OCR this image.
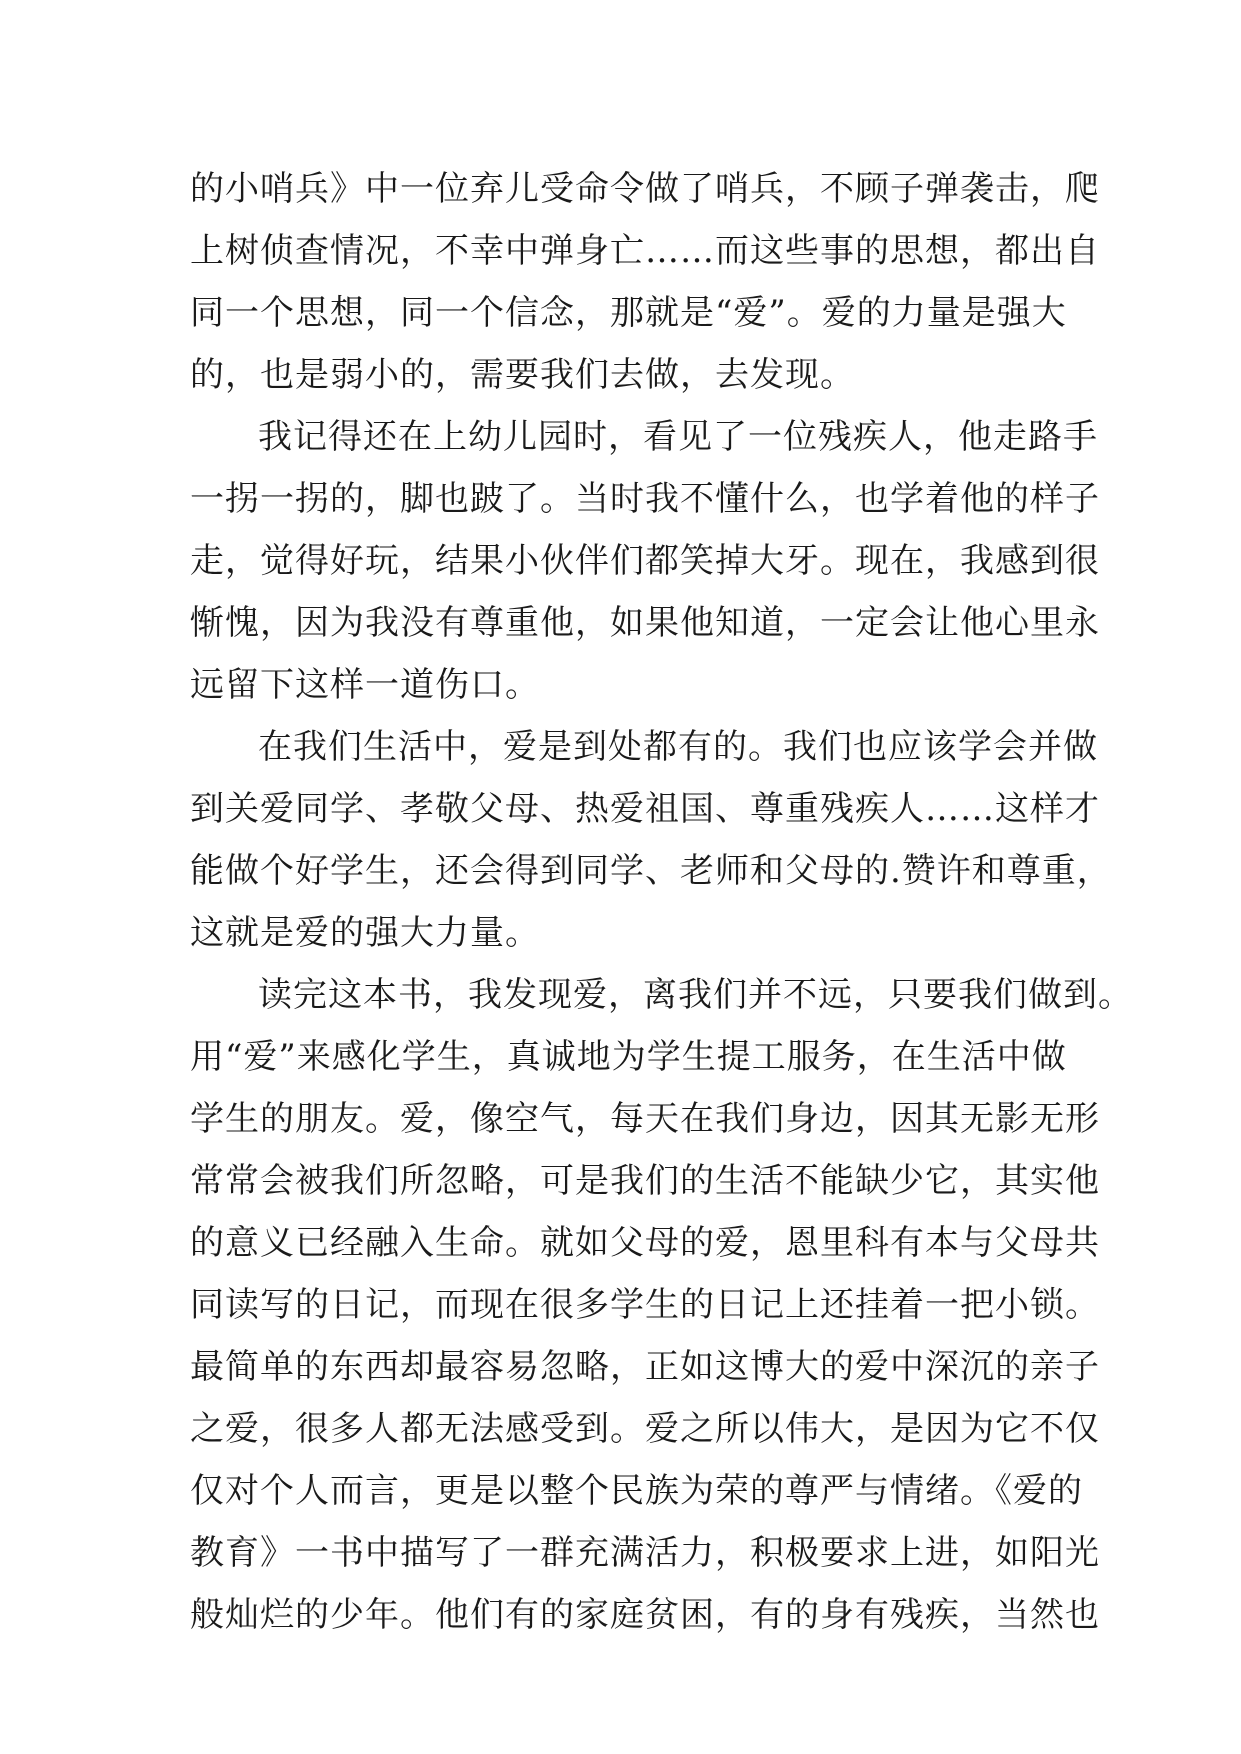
的小哨兵》中一位弃儿受命令做了哨兵，不顾子弹袭击，爬
上树侦查情况，不幸中弹身亡……而这些事的思想，都出自
同一个思想，同一个信念，那就是“爱”。爱的力量是强大
的，也是弱小的，需要我们去做，去发现。
我记得还在上幼儿园时，看见了一位残疾人，他走路手
一拐一拐的，脚也跛了。当时我不懂什么，也学着他的样子
走，觉得好玩，结果小伙伴们都笑掉大牙。现在，我感到很
惭愧，因为我没有尊重他，如果他知道，一定会让他心里永
远留下这样一道伤口。
在我们生活中，爱是到处都有的。我们也应该学会并做
到关爱同学、孝敬父母、热爱祖国、尊重残疾人……这样才
能做个好学生，还会得到同学、老师和父母的.赞许和尊重，
这就是爱的强大力量。
读完这本书，我发现爱，离我们并不远，只要我们做到。
用“爱”来感化学生，真诚地为学生提工服务，在生活中做
学生的朋友。爱，像空气，每天在我们身边，因其无影无形
常常会被我们所忽略，可是我们的生活不能缺少它，其实他
的意义已经融入生命。就如父母的爱，恩里科有本与父母共
同读写的日记，而现在很多学生的日记上还挂着一把小锁。
最简单的东西却最容易忽略，正如这博大的爱中深沉的亲子
之爱，很多人都无法感受到。爱之所以伟大，是因为它不仅
仅对个人而言，更是以整个民族为荣的尊严与情绪。《爱的
教育》一书中描写了一群充满活力，积极要求上进，如阳光
般灿烂的少年。他们有的家庭贫困，有的身有残疾，当然也
